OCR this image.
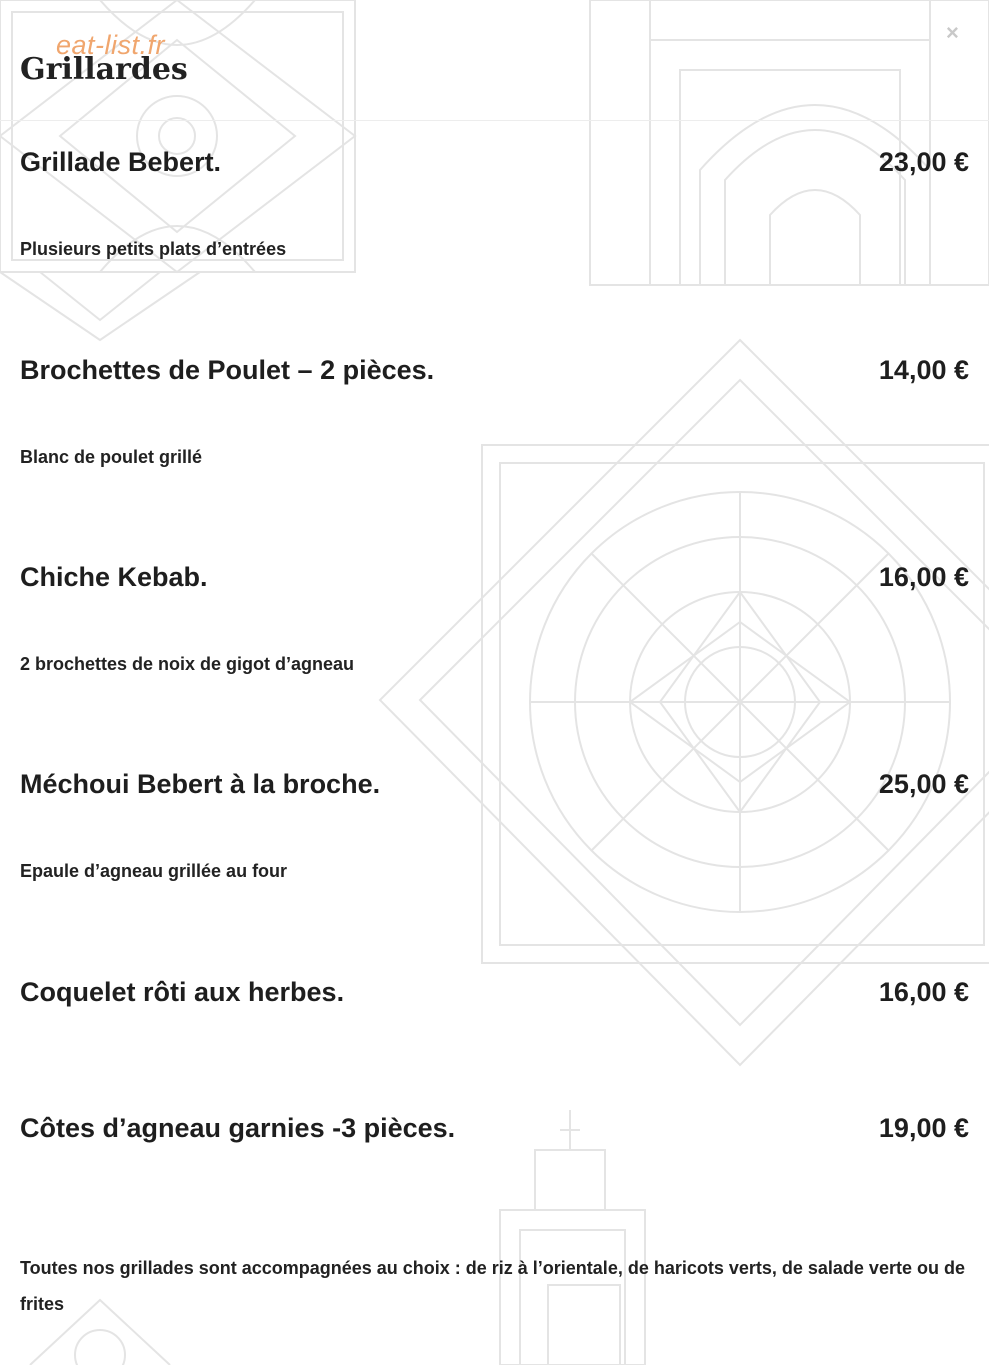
eat-list.fr	×
Grillardes
Grillade Bebert.	23,00 €
Plusieurs petits plats d’entrées
Brochettes de Poulet – 2 pièces.	14,00 €
Blanc de poulet grillé
Chiche Kebab.	16,00 €
2 brochettes de noix de gigot d’agneau
Méchoui Bebert à la broche.	25,00 €
Epaule d’agneau grillée au four
Coquelet rôti aux herbes.	16,00 €
Côtes d’agneau garnies -3 pièces.	19,00 €
Toutes nos grillades sont accompagnées au choix : de riz à l’orientale, de haricots verts, de salade verte ou de frites
